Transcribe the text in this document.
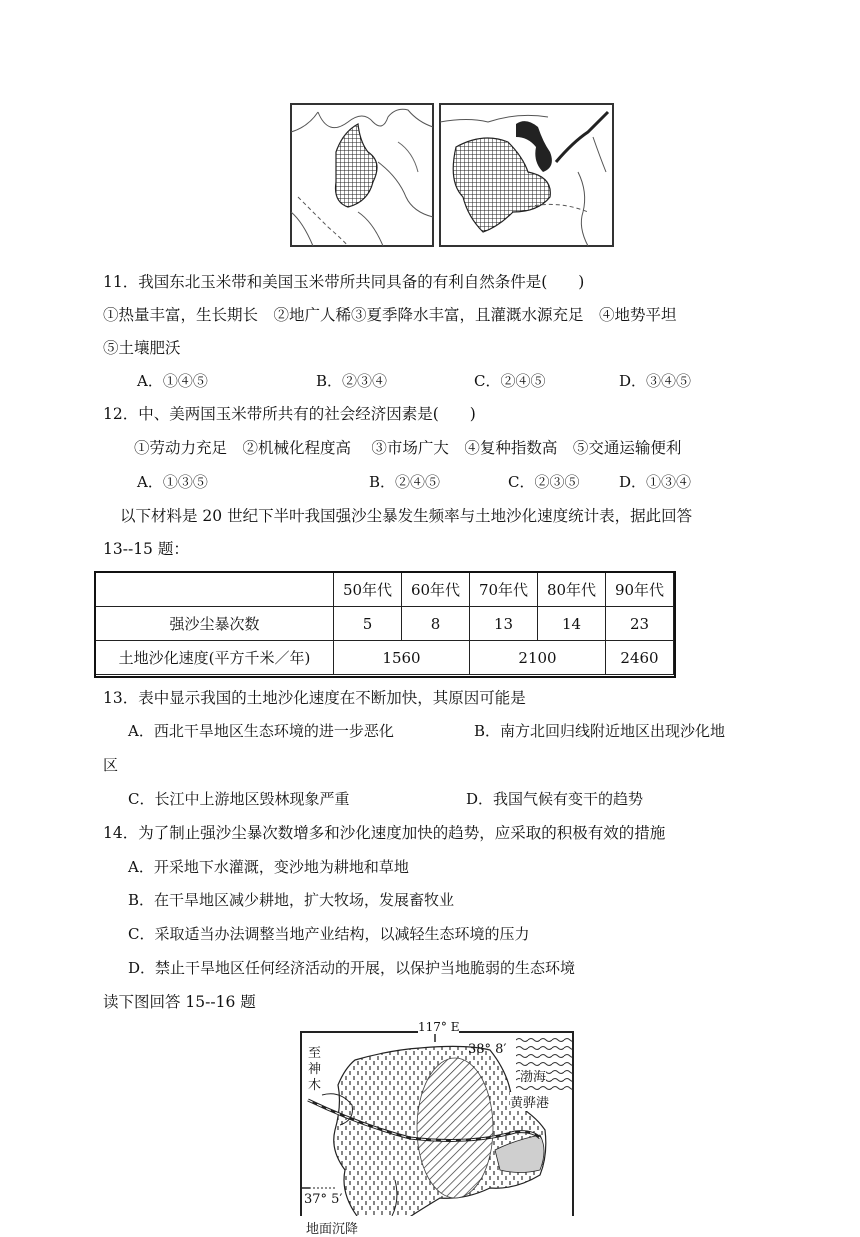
11．我国东北玉米带和美国玉米带所共同具备的有利自然条件是(　　)
①热量丰富，生长期长　②地广人稀③夏季降水丰富，且灌溉水源充足　④地势平坦
⑤土壤肥沃
A．①④⑤	B．②③④	C．②④⑤	D．③④⑤
12．中、美两国玉米带所共有的社会经济因素是(　　)
①劳动力充足　②机械化程度高　 ③市场广大　④复种指数高　⑤交通运输便利
A．①③⑤	B．②④⑤	C．②③⑤	D．①③④
以下材料是 20 世纪下半叶我国强沙尘暴发生频率与土地沙化速度统计表，据此回答
13--15 题：
	50年代	60年代	70年代	80年代	90年代
强沙尘暴次数	5	8	13	14	23
土地沙化速度(平方千米／年)	1560		2100		2460
13．表中显示我国的土地沙化速度在不断加快，其原因可能是
A．西北干旱地区生态环境的进一步恶化	B．南方北回归线附近地区出现沙化地
区
C．长江中上游地区毁林现象严重	D．我国气候有变干的趋势
14．为了制止强沙尘暴次数增多和沙化速度加快的趋势，应采取的积极有效的措施
A．开采地下水灌溉，变沙地为耕地和草地
B．在干旱地区减少耕地，扩大牧场，发展畜牧业
C．采取适当办法调整当地产业结构，以减轻生态环境的压力
D．禁止干旱地区任何经济活动的开展，以保护当地脆弱的生态环境
读下图回答 15--16 题
117° E
38° 8′
渤海
黄骅港
至神木
37° 5′
地面沉降
